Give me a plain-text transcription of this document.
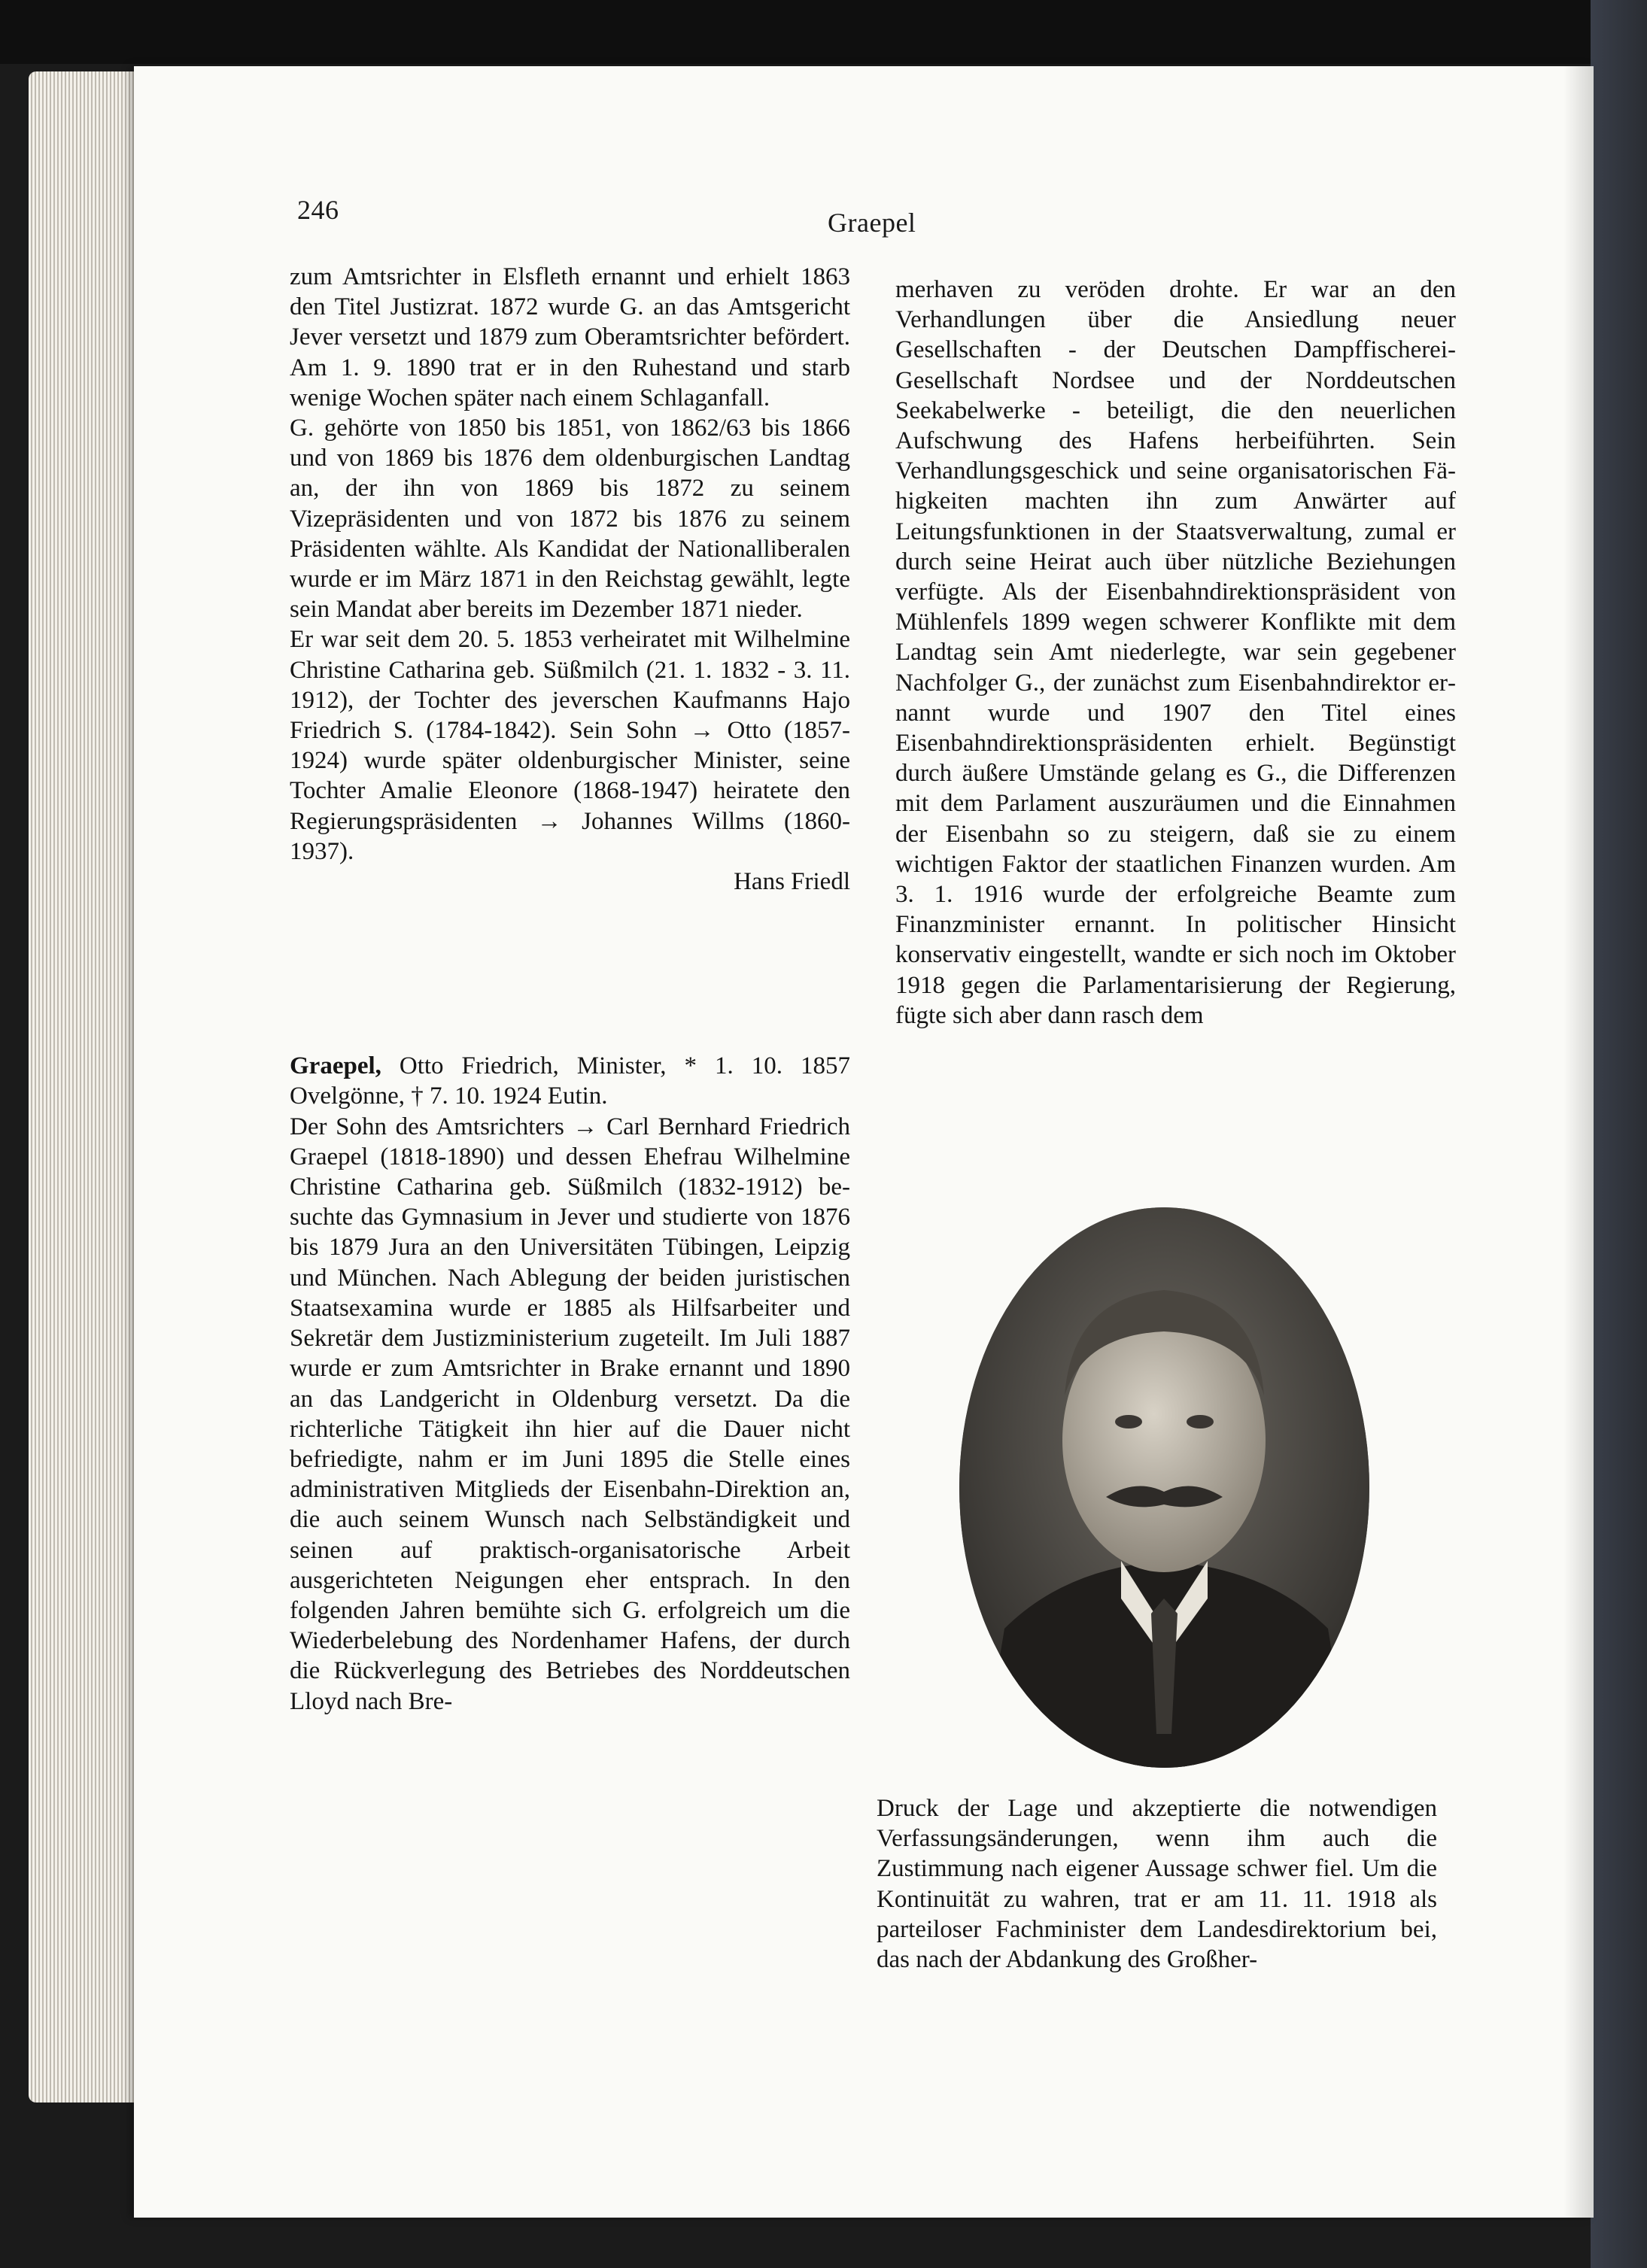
246	Graepel

zum Amtsrichter in Elsfleth ernannt und erhielt 1863 den Titel Justizrat. 1872 wurde G. an das Amtsgericht Jever versetzt und 1879 zum Oberamtsrichter befördert. Am 1. 9. 1890 trat er in den Ruhestand und starb wenige Wochen später nach einem Schlaganfall.

G. gehörte von 1850 bis 1851, von 1862/63 bis 1866 und von 1869 bis 1876 dem oldenburgischen Landtag an, der ihn von 1869 bis 1872 zu seinem Vizepräsidenten und von 1872 bis 1876 zu seinem Präsidenten wählte. Als Kandidat der Nationalliberalen wurde er im März 1871 in den Reichstag gewählt, legte sein Mandat aber bereits im Dezember 1871 nieder.

Er war seit dem 20. 5. 1853 verheiratet mit Wilhelmine Christine Catharina geb. Süßmilch (21. 1. 1832 - 3. 11. 1912), der Tochter des jeverschen Kaufmanns Hajo Friedrich S. (1784-1842). Sein Sohn → Otto (1857-1924) wurde später oldenburgischer Minister, seine Tochter Amalie Eleonore (1868-1947) heiratete den Regierungspräsidenten → Johannes Willms (1860-1937).

Hans Friedl

Graepel, Otto Friedrich, Minister, * 1. 10. 1857 Ovelgönne, † 7. 10. 1924 Eutin.

Der Sohn des Amtsrichters → Carl Bernhard Friedrich Graepel (1818-1890) und dessen Ehefrau Wilhelmine Christine Catharina geb. Süßmilch (1832-1912) besuchte das Gymnasium in Jever und studierte von 1876 bis 1879 Jura an den Universitäten Tübingen, Leipzig und München. Nach Ablegung der beiden juristischen Staatsexamina wurde er 1885 als Hilfsarbeiter und Sekretär dem Justizministerium zugeteilt. Im Juli 1887 wurde er zum Amtsrichter in Brake ernannt und 1890 an das Landgericht in Oldenburg versetzt. Da die richterliche Tätigkeit ihn hier auf die Dauer nicht befriedigte, nahm er im Juni 1895 die Stelle eines administrativen Mitglieds der Eisenbahn-Direktion an, die auch seinem Wunsch nach Selbständigkeit und seinen auf praktisch-organisatorische Arbeit ausgerichteten Neigungen eher entsprach. In den folgenden Jahren bemühte sich G. erfolgreich um die Wiederbelebung des Nordenhamer Hafens, der durch die Rückverlegung des Betriebes des Norddeutschen Lloyd nach Bre-

merhaven zu veröden drohte. Er war an den Verhandlungen über die Ansiedlung neuer Gesellschaften - der Deutschen Dampffischerei-Gesellschaft Nordsee und der Norddeutschen Seekabelwerke - beteiligt, die den neuerlichen Aufschwung des Hafens herbeiführten. Sein Verhandlungsgeschick und seine organisatorischen Fähigkeiten machten ihn zum Anwärter auf Leitungsfunktionen in der Staatsverwaltung, zumal er durch seine Heirat auch über nützliche Beziehungen verfügte. Als der Eisenbahndirektionspräsident von Mühlenfels 1899 wegen schwerer Konflikte mit dem Landtag sein Amt niederlegte, war sein gegebener Nachfolger G., der zunächst zum Eisenbahndirektor ernannt wurde und 1907 den Titel eines Eisenbahndirektionspräsidenten erhielt. Begünstigt durch äußere Umstände gelang es G., die Differenzen mit dem Parlament auszuräumen und die Einnahmen der Eisenbahn so zu steigern, daß sie zu einem wichtigen Faktor der staatlichen Finanzen wurden. Am 3. 1. 1916 wurde der erfolgreiche Beamte zum Finanzminister ernannt. In politischer Hinsicht konservativ eingestellt, wandte er sich noch im Oktober 1918 gegen die Parlamentarisierung der Regierung, fügte sich aber dann rasch dem

Druck der Lage und akzeptierte die notwendigen Verfassungsänderungen, wenn ihm auch die Zustimmung nach eigener Aussage schwer fiel. Um die Kontinuität zu wahren, trat er am 11. 11. 1918 als parteiloser Fachminister dem Landesdirektorium bei, das nach der Abdankung des Großher-
